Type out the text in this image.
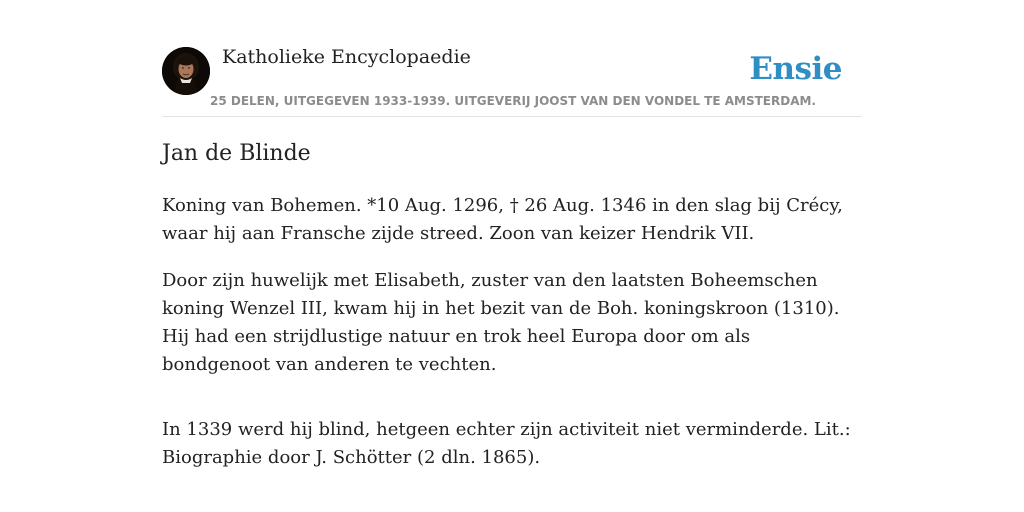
Katholieke Encyclopaedie	Ensie
25 DELEN, UITGEGEVEN 1933-1939. UITGEVERIJ JOOST VAN DEN VONDEL TE AMSTERDAM.
Jan de Blinde

Koning van Bohemen. *10 Aug. 1296, † 26 Aug. 1346 in den slag bij Crécy, waar hij aan Fransche zijde streed. Zoon van keizer Hendrik VII.

Door zijn huwelijk met Elisabeth, zuster van den laatsten Boheemschen koning Wenzel III, kwam hij in het bezit van de Boh. koningskroon (1310). Hij had een strijdlustige natuur en trok heel Europa door om als bondgenoot van anderen te vechten.

In 1339 werd hij blind, hetgeen echter zijn activiteit niet verminderde. Lit.: Biographie door J. Schötter (2 dln. 1865).
